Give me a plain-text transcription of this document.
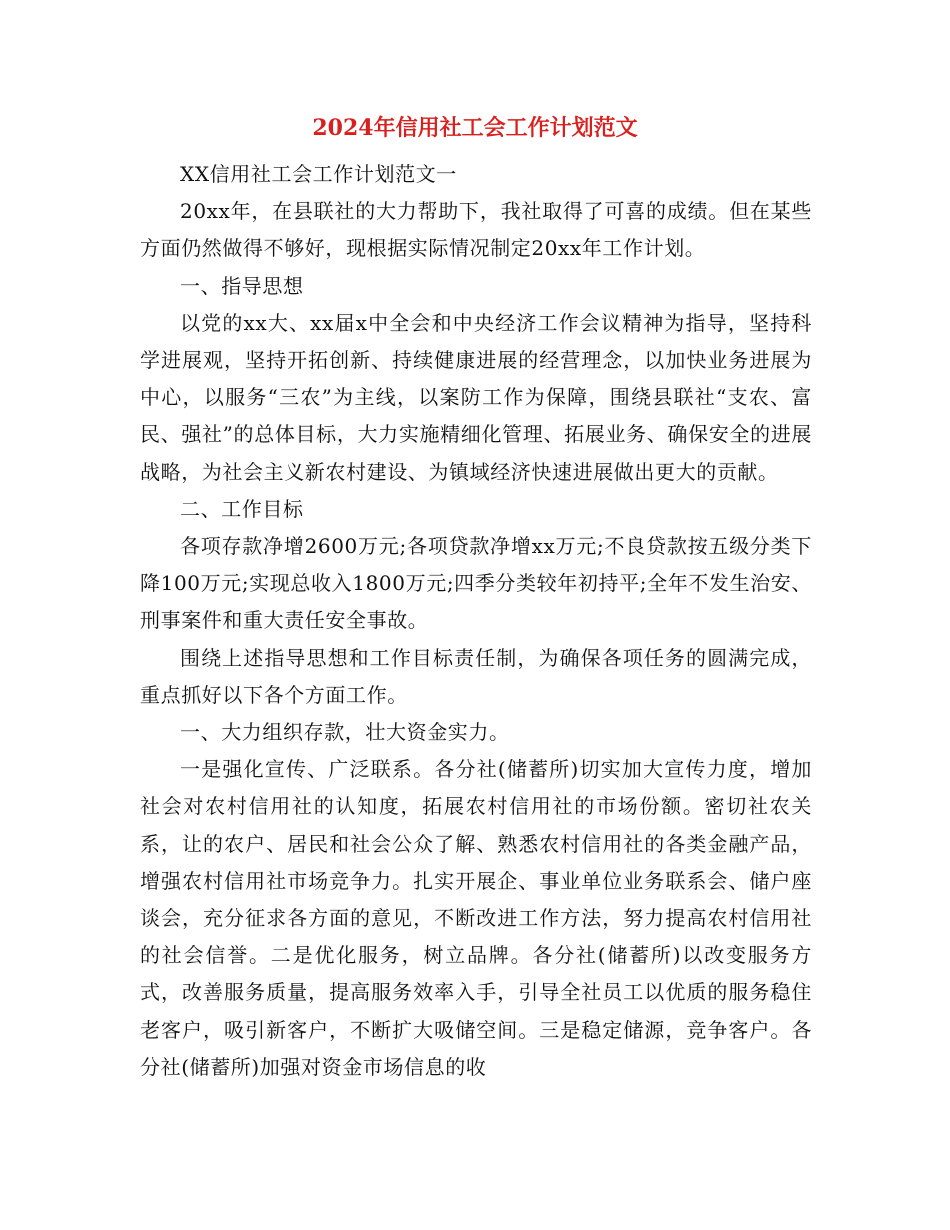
2024年信用社工会工作计划范文

XX信用社工会工作计划范文一

20xx年，在县联社的大力帮助下，我社取得了可喜的成绩。但在某些方面仍然做得不够好，现根据实际情况制定20xx年工作计划。

一、指导思想

以党的xx大、xx届x中全会和中央经济工作会议精神为指导，坚持科学进展观，坚持开拓创新、持续健康进展的经营理念，以加快业务进展为中心，以服务“三农”为主线，以案防工作为保障，围绕县联社“支农、富民、强社”的总体目标，大力实施精细化管理、拓展业务、确保安全的进展战略，为社会主义新农村建设、为镇域经济快速进展做出更大的贡献。

二、工作目标

各项存款净增2600万元;各项贷款净增xx万元;不良贷款按五级分类下降100万元;实现总收入1800万元;四季分类较年初持平;全年不发生治安、刑事案件和重大责任安全事故。

围绕上述指导思想和工作目标责任制，为确保各项任务的圆满完成，重点抓好以下各个方面工作。

一、大力组织存款，壮大资金实力。

一是强化宣传、广泛联系。各分社(储蓄所)切实加大宣传力度，增加社会对农村信用社的认知度，拓展农村信用社的市场份额。密切社农关系，让的农户、居民和社会公众了解、熟悉农村信用社的各类金融产品，增强农村信用社市场竞争力。扎实开展企、事业单位业务联系会、储户座谈会，充分征求各方面的意见，不断改进工作方法，努力提高农村信用社的社会信誉。二是优化服务，树立品牌。各分社(储蓄所)以改变服务方式，改善服务质量，提高服务效率入手，引导全社员工以优质的服务稳住老客户，吸引新客户，不断扩大吸储空间。三是稳定储源，竞争客户。各分社(储蓄所)加强对资金市场信息的收
